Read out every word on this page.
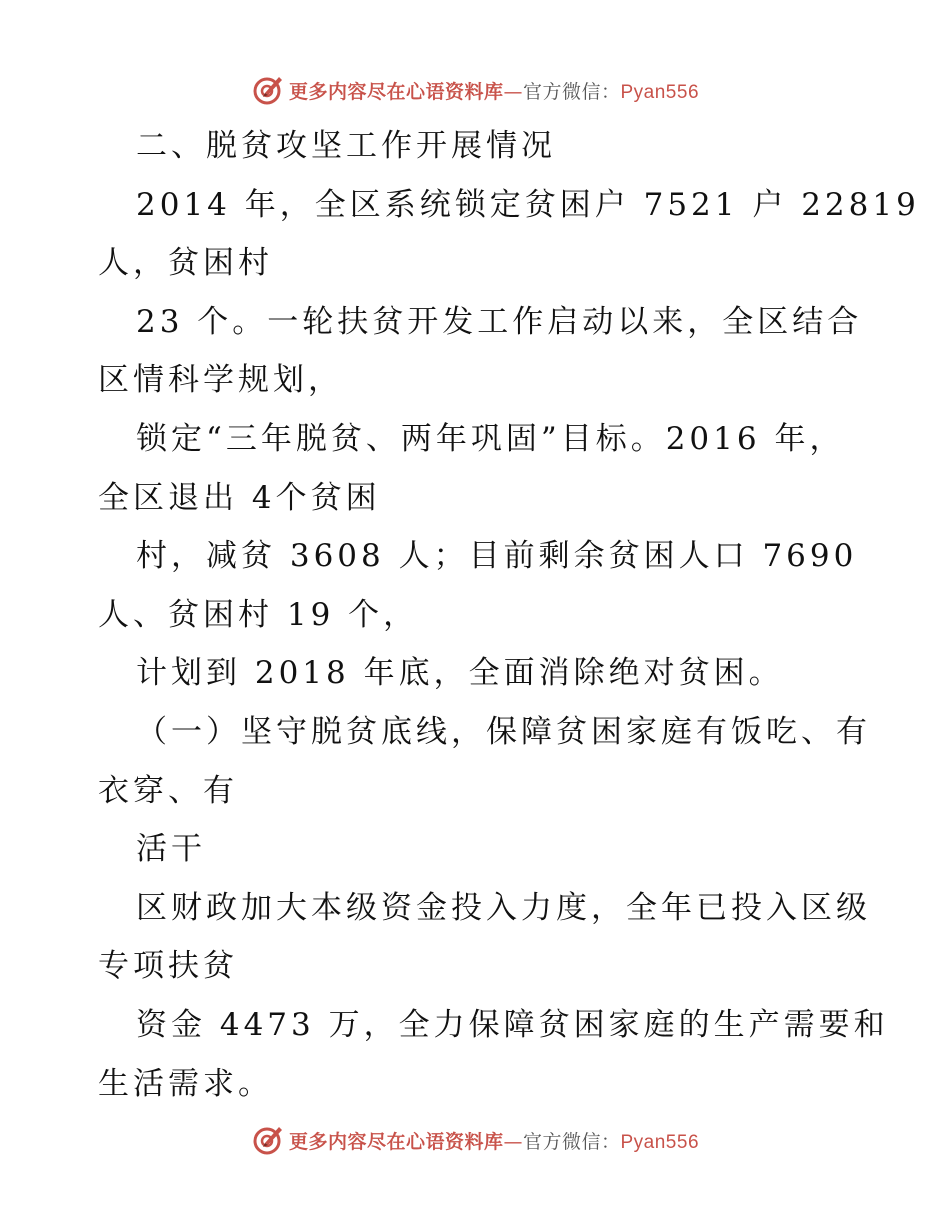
更多内容尽在心语资料库—官方微信：Pyan556
二、脱贫攻坚工作开展情况
2014 年，全区系统锁定贫困户 7521 户 22819
人，贫困村
23 个。一轮扶贫开发工作启动以来，全区结合
区情科学规划，
锁定“三年脱贫、两年巩固”目标。2016 年，
全区退出 4个贫困
村，减贫 3608 人；目前剩余贫困人口 7690
人、贫困村 19 个，
计划到 2018 年底，全面消除绝对贫困。
（一）坚守脱贫底线，保障贫困家庭有饭吃、有
衣穿、有
活干
区财政加大本级资金投入力度，全年已投入区级
专项扶贫
资金 4473 万，全力保障贫困家庭的生产需要和
生活需求。
更多内容尽在心语资料库—官方微信：Pyan556
